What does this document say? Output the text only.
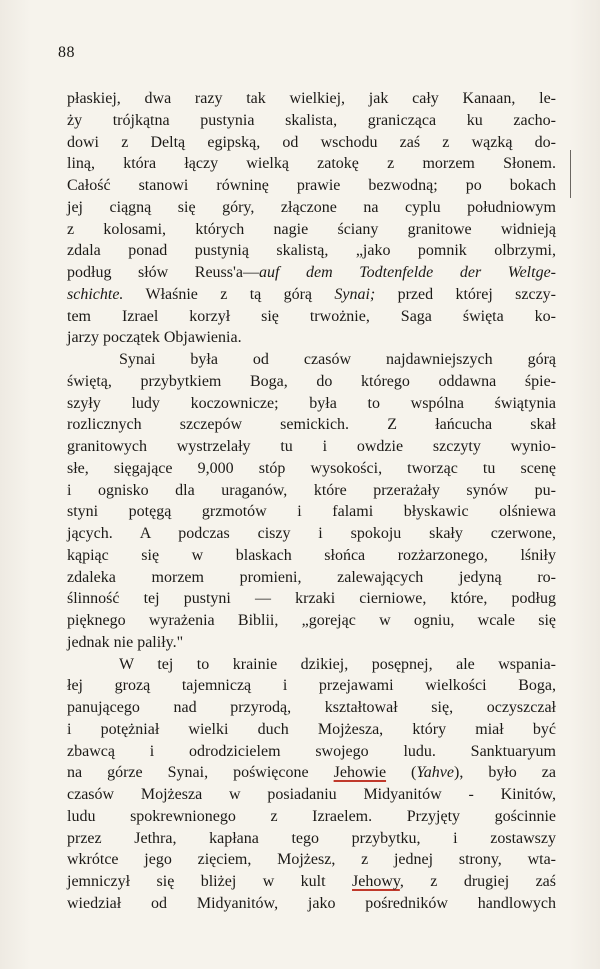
88
płaskiej, dwa razy tak wielkiej, jak cały Kanaan, le-
ży trójkątna pustynia skalista, granicząca ku zacho-
dowi z Deltą egipską, od wschodu zaś z wązką do-
liną, która łączy wielką zatokę z morzem Słonem.
Całość stanowi równinę prawie bezwodną; po bokach
jej ciągną się góry, złączone na cyplu południowym
z kolosami, których nagie ściany granitowe widnieją
zdala ponad pustynią skalistą, „jako pomnik olbrzymi,
podług słów Reuss'a—auf dem Todtenfelde der Weltge-
schichte. Właśnie z tą górą Synai; przed której szczy-
tem Izrael korzył się trwożnie, Saga święta ko-
jarzy początek Objawienia.
Synai była od czasów najdawniejszych górą
świętą, przybytkiem Boga, do którego oddawna śpie-
szyły ludy koczownicze; była to wspólna świątynia
rozlicznych szczepów semickich. Z łańcucha skał
granitowych wystrzelały tu i owdzie szczyty wynio-
słe, sięgające 9,000 stóp wysokości, tworząc tu scenę
i ognisko dla uraganów, które przerażały synów pu-
styni potęgą grzmotów i falami błyskawic olśniewa
jących. A podczas ciszy i spokoju skały czerwone,
kąpiąc się w blaskach słońca rozżarzonego, lśniły
zdaleka morzem promieni, zalewających jedyną ro-
ślinność tej pustyni — krzaki cierniowe, które, podług
pięknego wyrażenia Biblii, „gorejąc w ogniu, wcale się
jednak nie paliły."
W tej to krainie dzikiej, posępnej, ale wspania-
łej grozą tajemniczą i przejawami wielkości Boga,
panującego nad przyrodą, kształtował się, oczyszczał
i potężniał wielki duch Mojżesza, który miał być
zbawcą i odrodzicielem swojego ludu. Sanktuaryum
na górze Synai, poświęcone Jehowie (Yahve), było za
czasów Mojżesza w posiadaniu Midyanitów - Kinitów,
ludu spokrewnionego z Izraelem. Przyjęty gościnnie
przez Jethra, kapłana tego przybytku, i zostawszy
wkrótce jego zięciem, Mojżesz, z jednej strony, wta-
jemniczył się bliżej w kult Jehowy, z drugiej zaś
wiedział od Midyanitów, jako pośredników handlowych
